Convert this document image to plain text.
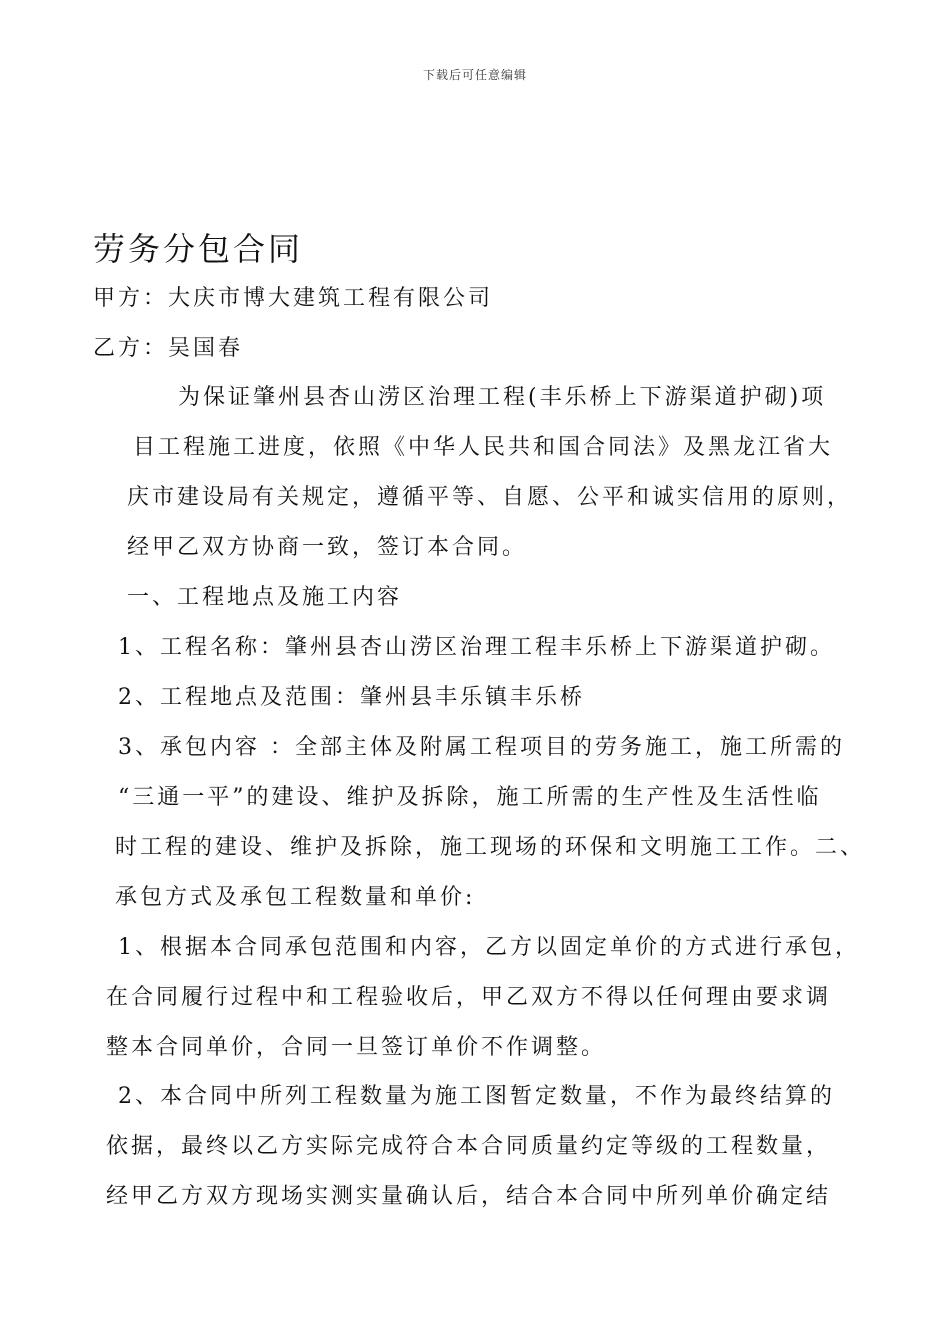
下载后可任意编辑
劳务分包合同
甲方：大庆市博大建筑工程有限公司
乙方：吴国春
为保证肇州县杏山涝区治理工程(丰乐桥上下游渠道护砌)项
目工程施工进度，依照《中华人民共和国合同法》及黑龙江省大
庆市建设局有关规定，遵循平等、自愿、公平和诚实信用的原则，
经甲乙双方协商一致，签订本合同。
一、工程地点及施工内容
1、工程名称：肇州县杏山涝区治理工程丰乐桥上下游渠道护砌。
2、工程地点及范围：肇州县丰乐镇丰乐桥
3、承包内容 ：全部主体及附属工程项目的劳务施工，施工所需的
“三通一平”的建设、维护及拆除，施工所需的生产性及生活性临
时工程的建设、维护及拆除，施工现场的环保和文明施工工作。二、
承包方式及承包工程数量和单价:
1、根据本合同承包范围和内容，乙方以固定单价的方式进行承包，
在合同履行过程中和工程验收后，甲乙双方不得以任何理由要求调
整本合同单价，合同一旦签订单价不作调整。
2、本合同中所列工程数量为施工图暂定数量，不作为最终结算的
依据，最终以乙方实际完成符合本合同质量约定等级的工程数量，
经甲乙方双方现场实测实量确认后，结合本合同中所列单价确定结
